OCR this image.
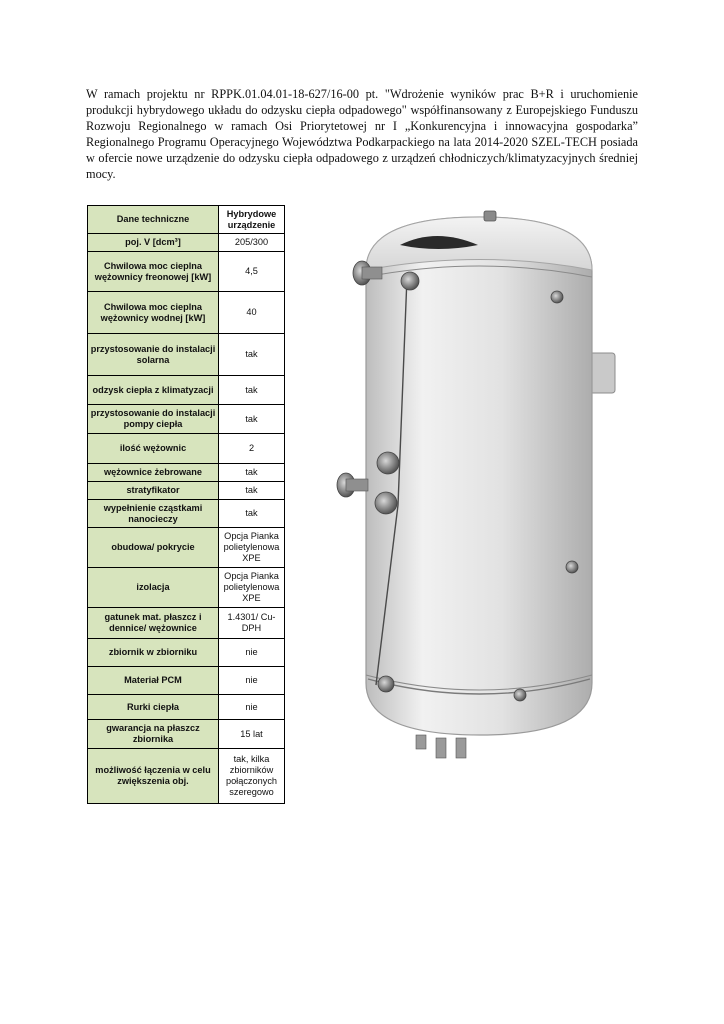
W ramach projektu nr RPPK.01.04.01-18-627/16-00 pt. "Wdrożenie wyników prac B+R i uruchomienie produkcji hybrydowego układu do odzysku ciepła odpadowego" współfinansowany z Europejskiego Funduszu Rozwoju Regionalnego w ramach Osi Priorytetowej nr I „Konkurencyjna i innowacyjna gospodarka” Regionalnego Programu Operacyjnego Województwa Podkarpackiego na lata 2014-2020 SZEL-TECH posiada w ofercie nowe urządzenie do odzysku ciepła odpadowego z urządzeń chłodniczych/klimatyzacyjnych średniej mocy.

Dane techniczne	Hybrydowe urządzenie
poj. V [dcm³]	205/300
Chwilowa moc cieplna wężownicy freonowej [kW]	4,5
Chwilowa moc cieplna wężownicy wodnej [kW]	40
przystosowanie do instalacji solarna	tak
odzysk ciepła z klimatyzacji	tak
przystosowanie do instalacji pompy ciepła	tak
ilość wężownic	2
wężownice żebrowane	tak
stratyfikator	tak
wypełnienie cząstkami nanocieczy	tak
obudowa/ pokrycie	Opcja Pianka polietylenowa XPE
izolacja	Opcja Pianka polietylenowa XPE
gatunek mat. płaszcz i dennice/ wężownice	1.4301/ Cu-DPH
zbiornik w zbiorniku	nie
Materiał PCM	nie
Rurki ciepła	nie
gwarancja na płaszcz zbiornika	15 lat
możliwość łączenia w celu zwiększenia obj.	tak, kilka zbiorników połączonych szeregowo
